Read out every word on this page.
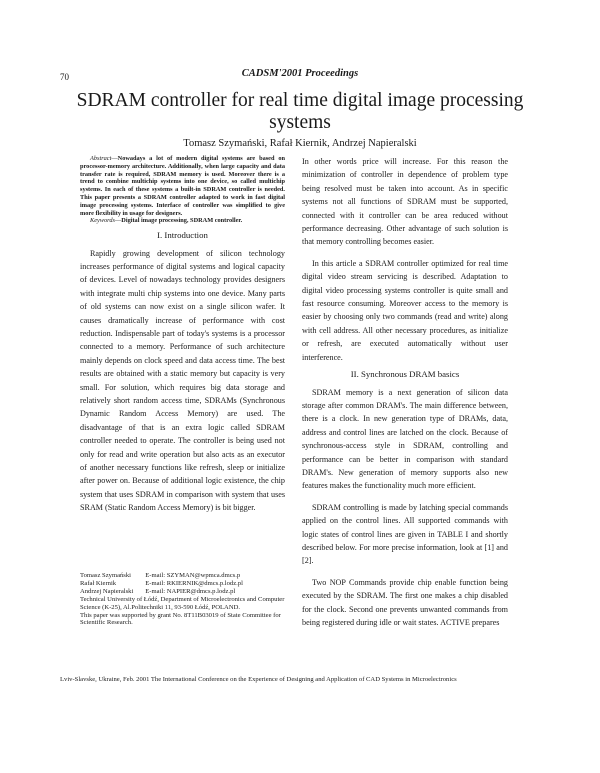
70	CADSM'2001 Proceedings
SDRAM controller for real time digital image processing systems
Tomasz Szymański, Rafał Kiernik, Andrzej Napieralski

Abstract—Nowadays a lot of modern digital systems are based on processor-memory architecture. Additionally, when large capacity and data transfer rate is required, SDRAM memory is used. Moreover there is a trend to combine multichip systems into one device, so called multichip systems. In each of these systems a built-in SDRAM controller is needed. This paper presents a SDRAM controller adapted to work in fast digital image processing systems. Interface of controller was simplified to give more flexibility in usage for designers.

Keywords—Digital image processing, SDRAM controller.

I. Introduction

Rapidly growing development of silicon technology increases performance of digital systems and logical capacity of devices. Level of nowadays technology provides designers with integrate multi chip systems into one device. Many parts of old systems can now exist on a single silicon wafer. It causes dramatically increase of performance with cost reduction. Indispensable part of today's systems is a processor connected to a memory. Performance of such architecture mainly depends on clock speed and data access time. The best results are obtained with a static memory but capacity is very small. For solution, which requires big data storage and relatively short random access time, SDRAMs (Synchronous Dynamic Random Access Memory) are used. The disadvantage of that is an extra logic called SDRAM controller needed to operate. The controller is being used not only for read and write operation but also acts as an executor of another necessary functions like refresh, sleep or initialize after power on. Because of additional logic existence, the chip system that uses SDRAM in comparison with system that uses SRAM (Static Random Access Memory) is bit bigger.

In other words price will increase. For this reason the minimization of controller in dependence of problem type being resolved must be taken into account. As in specific systems not all functions of SDRAM must be supported, connected with it controller can be area reduced without performance decreasing. Other advantage of such solution is that memory controlling becomes easier.

In this article a SDRAM controller optimized for real time digital video stream servicing is described. Adaptation to digital video processing systems controller is quite small and fast resource consuming. Moreover access to the memory is easier by choosing only two commands (read and write) along with cell address. All other necessary procedures, as initialize or refresh, are executed automatically without user interference.

II. Synchronous DRAM basics

SDRAM memory is a next generation of silicon data storage after common DRAM's. The main difference between, there is a clock. In new generation type of DRAMs, data, address and control lines are latched on the clock. Because of synchronous-access style in SDRAM, controlling and performance can be better in comparison with standard DRAM's. New generation of memory supports also new features makes the functionality much more efficient.

SDRAM controlling is made by latching special commands applied on the control lines. All supported commands with logic states of control lines are given in TABLE I and shortly described below. For more precise information, look at [1] and [2].

Two NOP Commands provide chip enable function being executed by the SDRAM. The first one makes a chip disabled for the clock. Second one prevents unwanted commands from being registered during idle or wait states. ACTIVE prepares

Tomasz Szymański	E-mail: SZYMAN@wpmca.dmcs.p
Rafał Kiernik	E-mail: RKIERNIK@dmcs.p.lodz.pl
Andrzej Napieralski	E-mail: NAPIER@dmcs.p.lodz.pl

Technical University of Łódź, Department of Microelectronics and Computer Science (K-25), Al.Politechniki 11, 93-590 Łódź, POLAND.

This paper was supported by grant No. 8T11B03019 of State Committee for Scientific Research.

Lviv-Slavske, Ukraine, Feb. 2001 The International Conference on the Experience of Designing and Application of CAD Systems in Microelectronics
